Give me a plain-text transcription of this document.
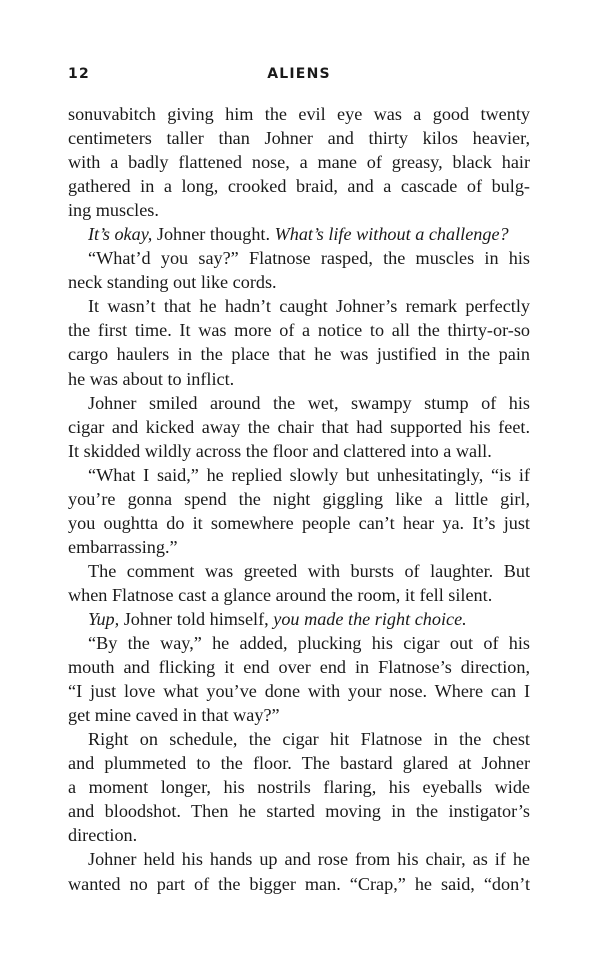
12	ALIENS
sonuvabitch giving him the evil eye was a good twenty
centimeters taller than Johner and thirty kilos heavier,
with a badly flattened nose, a mane of greasy, black hair
gathered in a long, crooked braid, and a cascade of bulg-
ing muscles.
It’s okay, Johner thought. What’s life without a challenge?
“What’d you say?” Flatnose rasped, the muscles in his
neck standing out like cords.
It wasn’t that he hadn’t caught Johner’s remark perfectly
the first time. It was more of a notice to all the thirty-or-so
cargo haulers in the place that he was justified in the pain
he was about to inflict.
Johner smiled around the wet, swampy stump of his
cigar and kicked away the chair that had supported his feet.
It skidded wildly across the floor and clattered into a wall.
“What I said,” he replied slowly but unhesitatingly, “is if
you’re gonna spend the night giggling like a little girl,
you oughtta do it somewhere people can’t hear ya. It’s just
embarrassing.”
The comment was greeted with bursts of laughter. But
when Flatnose cast a glance around the room, it fell silent.
Yup, Johner told himself, you made the right choice.
“By the way,” he added, plucking his cigar out of his
mouth and flicking it end over end in Flatnose’s direction,
“I just love what you’ve done with your nose. Where can I
get mine caved in that way?”
Right on schedule, the cigar hit Flatnose in the chest
and plummeted to the floor. The bastard glared at Johner
a moment longer, his nostrils flaring, his eyeballs wide
and bloodshot. Then he started moving in the instigator’s
direction.
Johner held his hands up and rose from his chair, as if he
wanted no part of the bigger man. “Crap,” he said, “don’t
